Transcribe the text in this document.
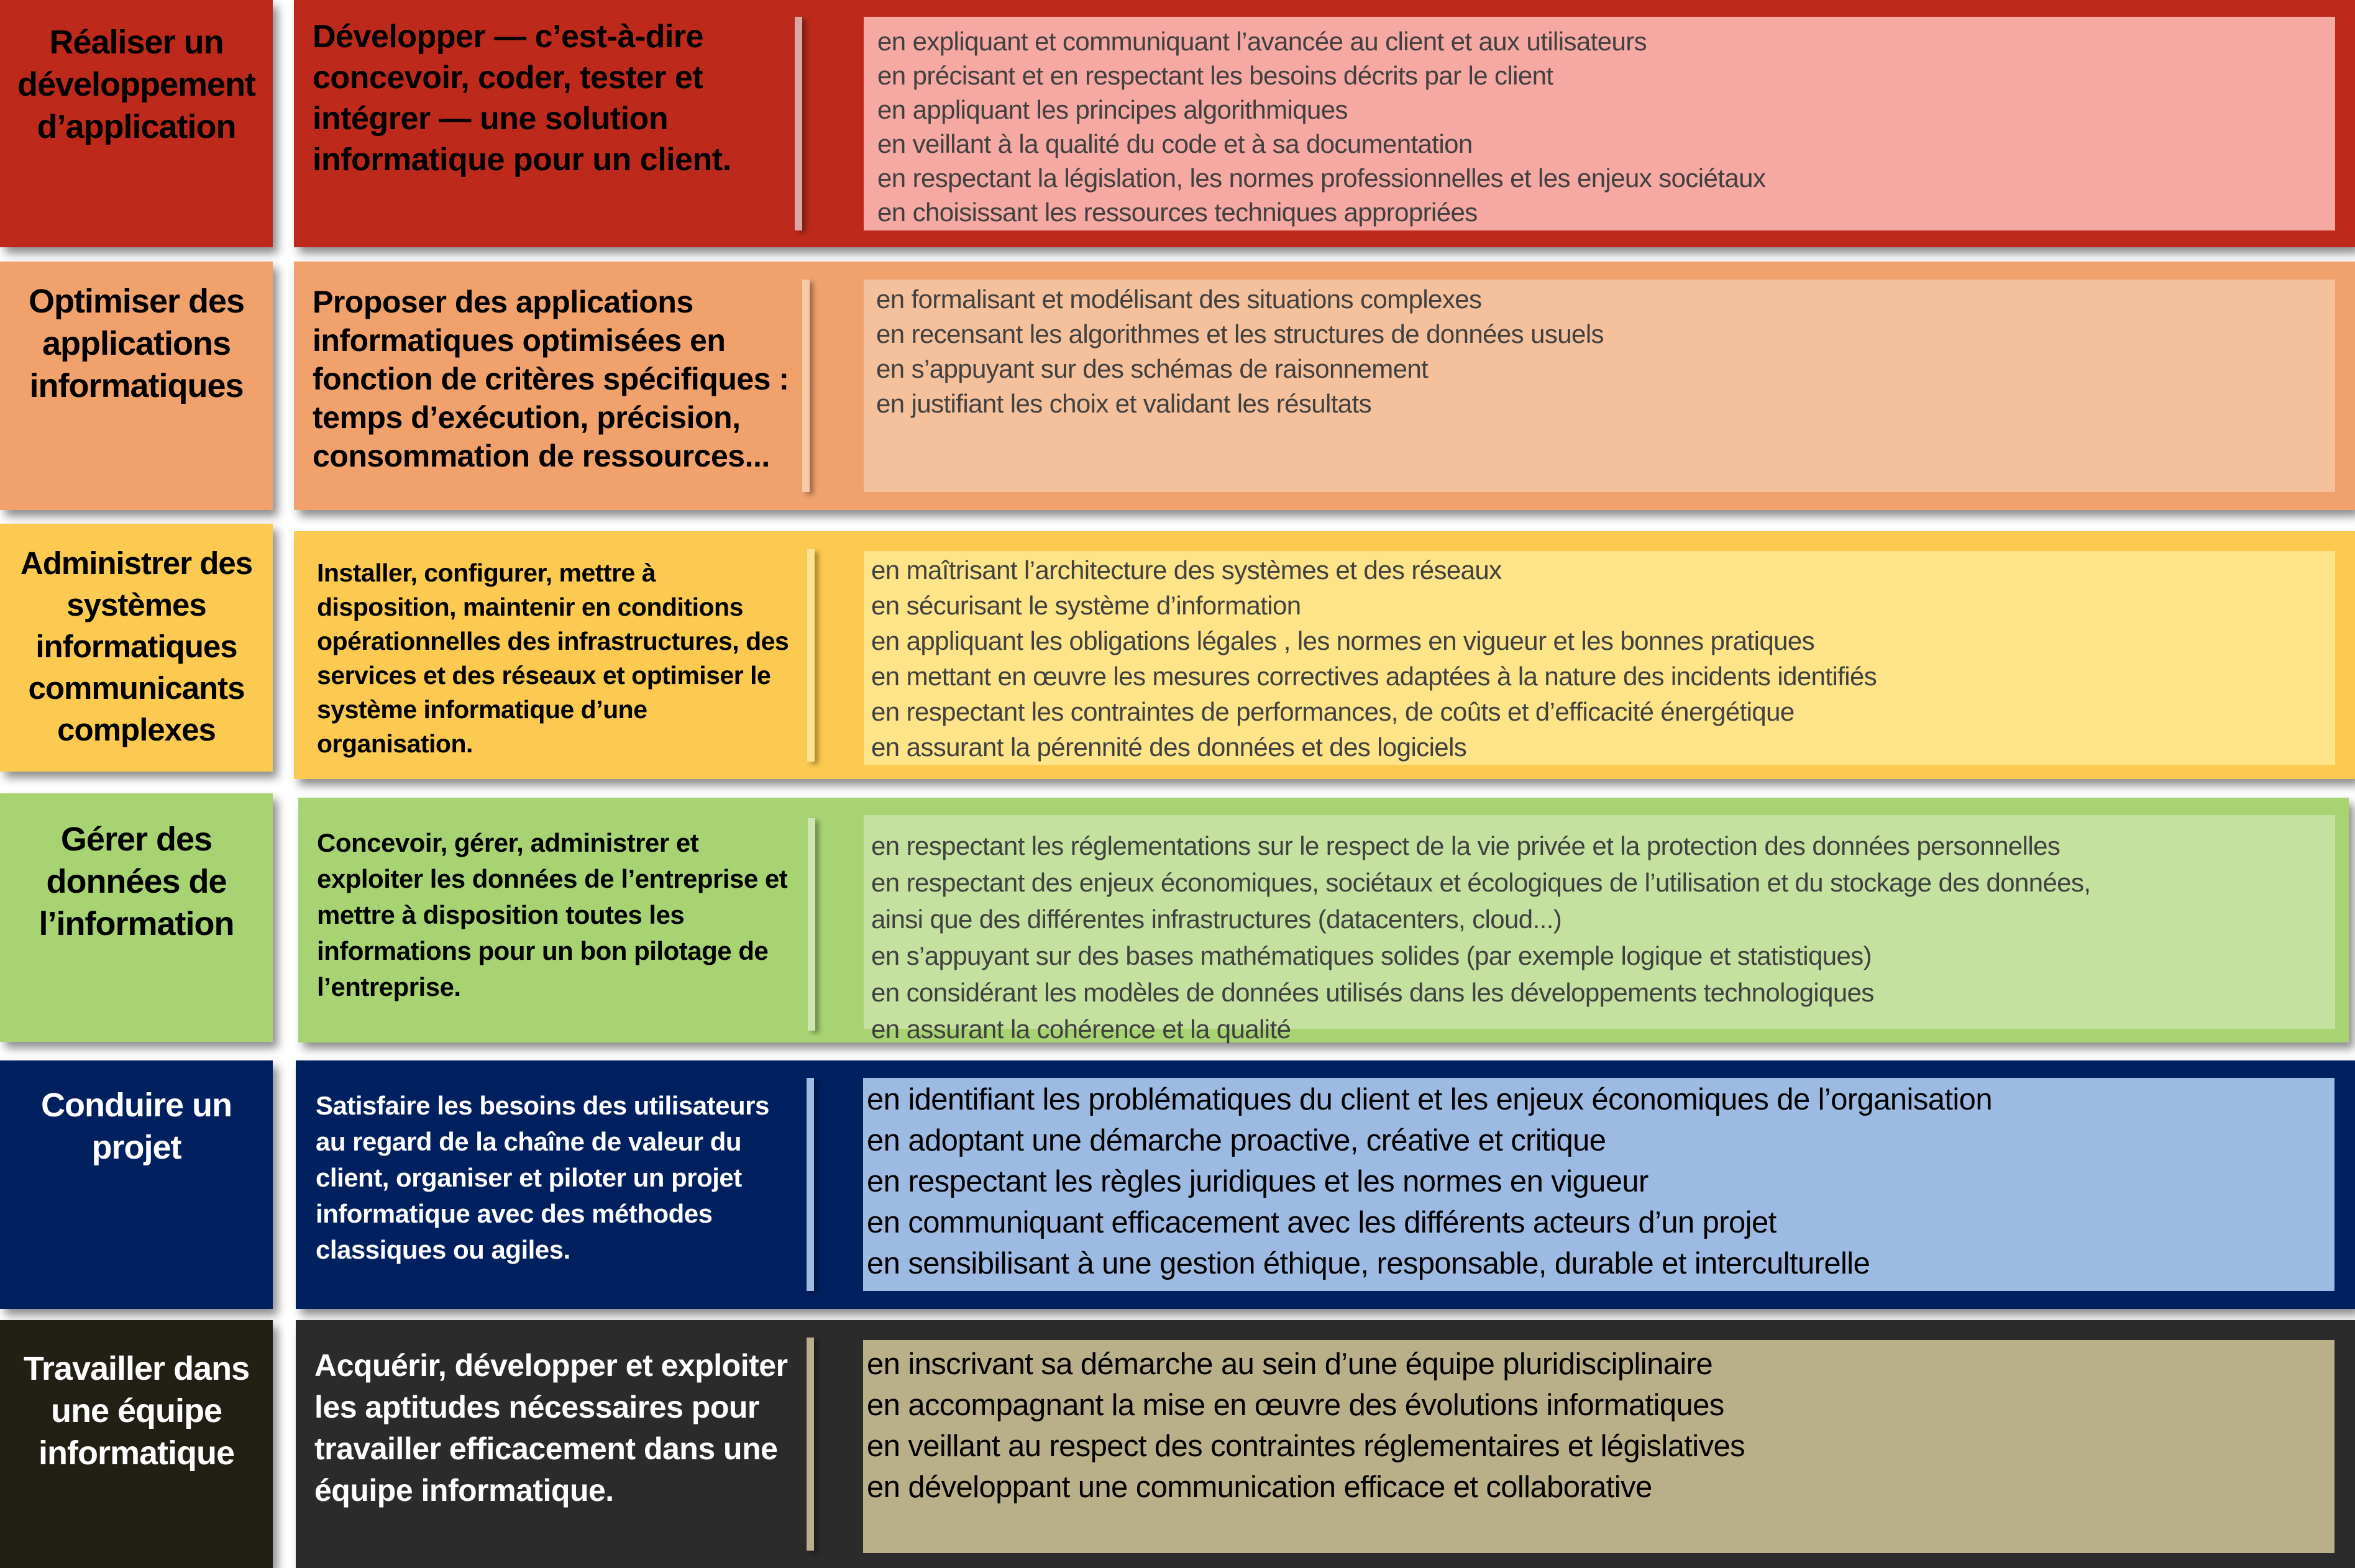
Réaliser un développement d’application
Développer — c’est-à-dire concevoir, coder, tester et intégrer — une solution informatique pour un client.
en expliquant et communiquant l’avancée au client et aux utilisateurs
en précisant et en respectant les besoins décrits par le client
en appliquant les principes algorithmiques
en veillant à la qualité du code et à sa documentation
en respectant la législation, les normes professionnelles et les enjeux sociétaux
en choisissant les ressources techniques appropriées
Optimiser des applications informatiques
Proposer des applications informatiques optimisées en fonction de critères spécifiques : temps d’exécution, précision, consommation de ressources...
en formalisant et modélisant des situations complexes
en recensant les algorithmes et les structures de données usuels
en s’appuyant sur des schémas de raisonnement
en justifiant les choix et validant les résultats
Administrer des systèmes informatiques communicants complexes
Installer, configurer, mettre à disposition, maintenir en conditions opérationnelles des infrastructures, des services et des réseaux et optimiser le système informatique d’une organisation.
en maîtrisant l’architecture des systèmes et des réseaux
en sécurisant le système d’information
en appliquant les obligations légales , les normes en vigueur et les bonnes pratiques
en mettant en œuvre les mesures correctives adaptées à la nature des incidents identifiés
en respectant les contraintes de performances, de coûts et d’efficacité énergétique
en assurant la pérennité des données et des logiciels
Gérer des données de l’information
Concevoir, gérer, administrer et exploiter les données de l’entreprise et mettre à disposition toutes les informations pour un bon pilotage de l’entreprise.
en respectant les réglementations sur le respect de la vie privée et la protection des données personnelles
en respectant des enjeux économiques, sociétaux et écologiques de l’utilisation et du stockage des données,
ainsi que des différentes infrastructures (datacenters, cloud...)
en s’appuyant sur des bases mathématiques solides (par exemple logique et statistiques)
en considérant les modèles de données utilisés dans les développements technologiques
en assurant la cohérence et la qualité
Conduire un projet
Satisfaire les besoins des utilisateurs au regard de la chaîne de valeur du client, organiser et piloter un projet informatique avec des méthodes classiques ou agiles.
en identifiant les problématiques du client et les enjeux économiques de l’organisation
en adoptant une démarche proactive, créative et critique
en respectant les règles juridiques et les normes en vigueur
en communiquant efficacement avec les différents acteurs d’un projet
en sensibilisant à une gestion éthique, responsable, durable et interculturelle
Travailler dans une équipe informatique
Acquérir, développer et exploiter les aptitudes nécessaires pour travailler efficacement dans une équipe informatique.
en inscrivant sa démarche au sein d’une équipe pluridisciplinaire
en accompagnant la mise en œuvre des évolutions informatiques
en veillant au respect des contraintes réglementaires et législatives
en développant une communication efficace et collaborative
